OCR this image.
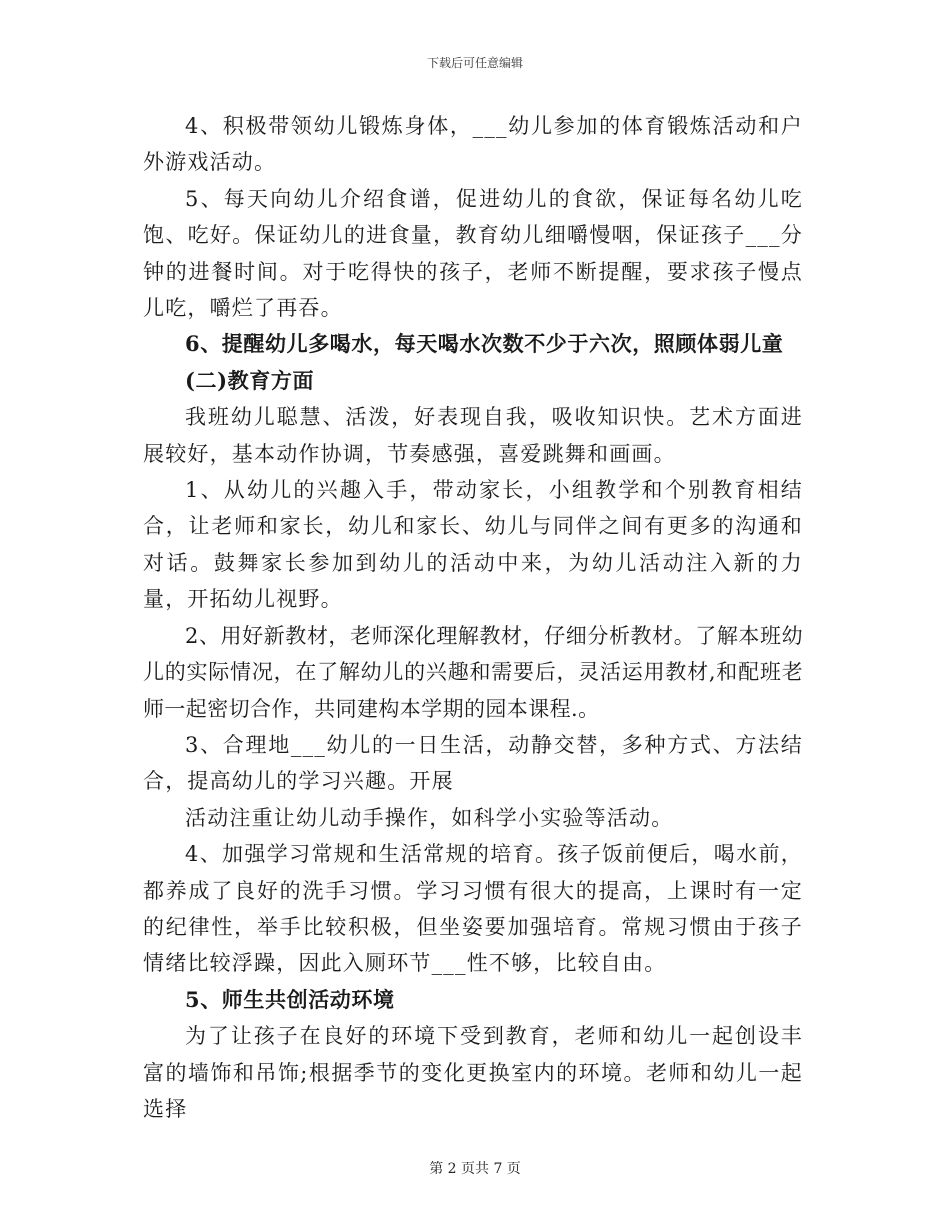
下载后可任意编辑

4、积极带领幼儿锻炼身体，___幼儿参加的体育锻炼活动和户外游戏活动。

5、每天向幼儿介绍食谱，促进幼儿的食欲，保证每名幼儿吃饱、吃好。保证幼儿的进食量，教育幼儿细嚼慢咽，保证孩子___分钟的进餐时间。对于吃得快的孩子，老师不断提醒，要求孩子慢点儿吃，嚼烂了再吞。

6、提醒幼儿多喝水，每天喝水次数不少于六次，照顾体弱儿童

(二)教育方面

我班幼儿聪慧、活泼，好表现自我，吸收知识快。艺术方面进展较好，基本动作协调，节奏感强，喜爱跳舞和画画。

1、从幼儿的兴趣入手，带动家长，小组教学和个别教育相结合，让老师和家长，幼儿和家长、幼儿与同伴之间有更多的沟通和对话。鼓舞家长参加到幼儿的活动中来，为幼儿活动注入新的力量，开拓幼儿视野。

2、用好新教材，老师深化理解教材，仔细分析教材。了解本班幼儿的实际情况，在了解幼儿的兴趣和需要后，灵活运用教材,和配班老师一起密切合作，共同建构本学期的园本课程.。

3、合理地___幼儿的一日生活，动静交替，多种方式、方法结合，提高幼儿的学习兴趣。开展

活动注重让幼儿动手操作，如科学小实验等活动。

4、加强学习常规和生活常规的培育。孩子饭前便后，喝水前，都养成了良好的洗手习惯。学习习惯有很大的提高，上课时有一定的纪律性，举手比较积极，但坐姿要加强培育。常规习惯由于孩子情绪比较浮躁，因此入厕环节___性不够，比较自由。

5、师生共创活动环境

为了让孩子在良好的环境下受到教育，老师和幼儿一起创设丰富的墙饰和吊饰;根据季节的变化更换室内的环境。老师和幼儿一起选择

第 2 页共 7 页
